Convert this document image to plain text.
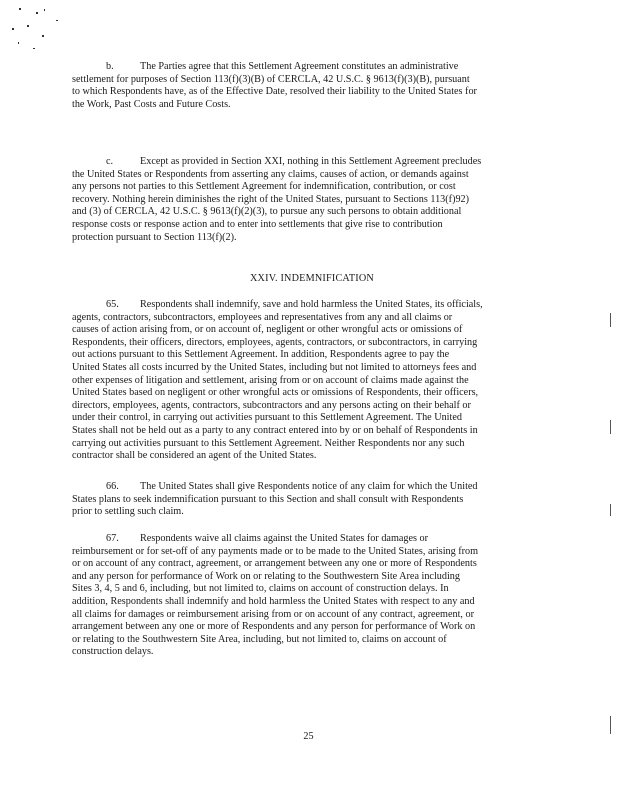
b.	The Parties agree that this Settlement Agreement constitutes an administrative
settlement for purposes of Section 113(f)(3)(B) of CERCLA, 42 U.S.C. § 9613(f)(3)(B), pursuant
to which Respondents have, as of the Effective Date, resolved their liability to the United States for
the Work, Past Costs and Future Costs.
c.	Except as provided in Section XXI, nothing in this Settlement Agreement precludes
the United States or Respondents from asserting any claims, causes of action, or demands against
any persons not parties to this Settlement Agreement for indemnification, contribution, or cost
recovery. Nothing herein diminishes the right of the United States, pursuant to Sections 113(f)92)
and (3) of CERCLA, 42 U.S.C. § 9613(f)(2)(3), to pursue any such persons to obtain additional
response costs or response action and to enter into settlements that give rise to contribution
protection pursuant to Section 113(f)(2).
XXIV. INDEMNIFICATION
65. Respondents shall indemnify, save and hold harmless the United States, its officials,
agents, contractors, subcontractors, employees and representatives from any and all claims or
causes of action arising from, or on account of, negligent or other wrongful acts or omissions of
Respondents, their officers, directors, employees, agents, contractors, or subcontractors, in carrying
out actions pursuant to this Settlement Agreement. In addition, Respondents agree to pay the
United States all costs incurred by the United States, including but not limited to attorneys fees and
other expenses of litigation and settlement, arising from or on account of claims made against the
United States based on negligent or other wrongful acts or omissions of Respondents, their officers,
directors, employees, agents, contractors, subcontractors and any persons acting on their behalf or
under their control, in carrying out activities pursuant to this Settlement Agreement. The United
States shall not be held out as a party to any contract entered into by or on behalf of Respondents in
carrying out activities pursuant to this Settlement Agreement. Neither Respondents nor any such
contractor shall be considered an agent of the United States.
66. The United States shall give Respondents notice of any claim for which the United
States plans to seek indemnification pursuant to this Section and shall consult with Respondents
prior to settling such claim.
67. Respondents waive all claims against the United States for damages or
reimbursement or for set-off of any payments made or to be made to the United States, arising from
or on account of any contract, agreement, or arrangement between any one or more of Respondents
and any person for performance of Work on or relating to the Southwestern Site Area including
Sites 3, 4, 5 and 6, including, but not limited to, claims on account of construction delays. In
addition, Respondents shall indemnify and hold harmless the United States with respect to any and
all claims for damages or reimbursement arising from or on account of any contract, agreement, or
arrangement between any one or more of Respondents and any person for performance of Work on
or relating to the Southwestern Site Area, including, but not limited to, claims on account of
construction delays.
25
